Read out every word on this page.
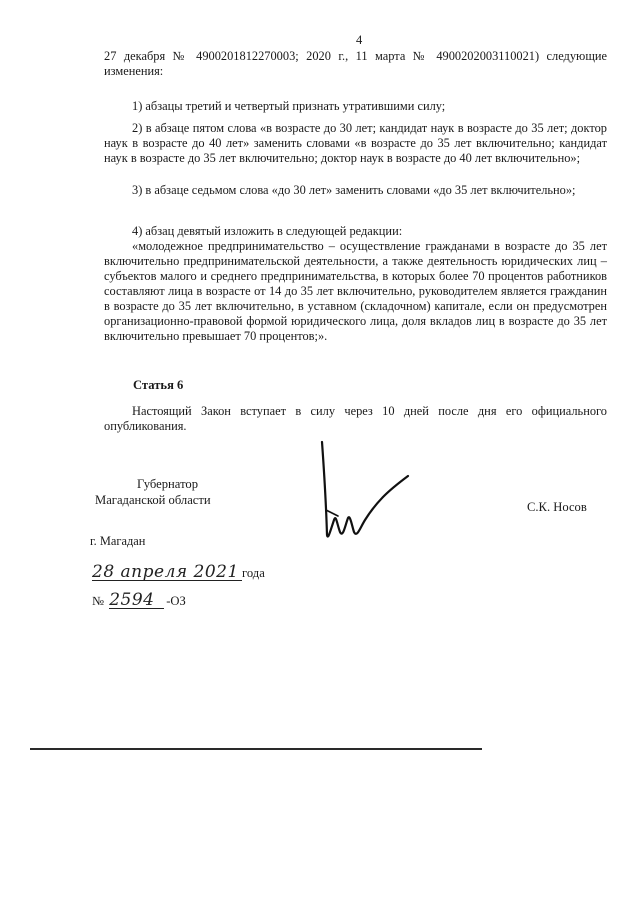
4

27 декабря № 4900201812270003; 2020 г., 11 марта № 4900202003110021) следующие изменения:

1) абзацы третий и четвертый признать утратившими силу;

2) в абзаце пятом слова «в возрасте до 30 лет; кандидат наук в возрасте до 35 лет; доктор наук в возрасте до 40 лет» заменить словами «в возрасте до 35 лет включительно; кандидат наук в возрасте до 35 лет включительно; доктор наук в возрасте до 40 лет включительно»;

3) в абзаце седьмом слова «до 30 лет» заменить словами «до 35 лет включительно»;

4) абзац девятый изложить в следующей редакции:

«молодежное предпринимательство – осуществление гражданами в возрасте до 35 лет включительно предпринимательской деятельности, а также деятельность юридических лиц – субъектов малого и среднего предпринимательства, в которых более 70 процентов работников составляют лица в возрасте от 14 до 35 лет включительно, руководителем является гражданин в возрасте до 35 лет включительно, в уставном (складочном) капитале, если он предусмотрен организационно-правовой формой юридического лица, доля вкладов лиц в возрасте до 35 лет включительно превышает 70 процентов;».

Статья 6

Настоящий Закон вступает в силу через 10 дней после дня его официального опубликования.

Губернатор
Магаданской области	С.К. Носов
г. Магадан
28 апреля 2021 года
№ 2594 -ОЗ
